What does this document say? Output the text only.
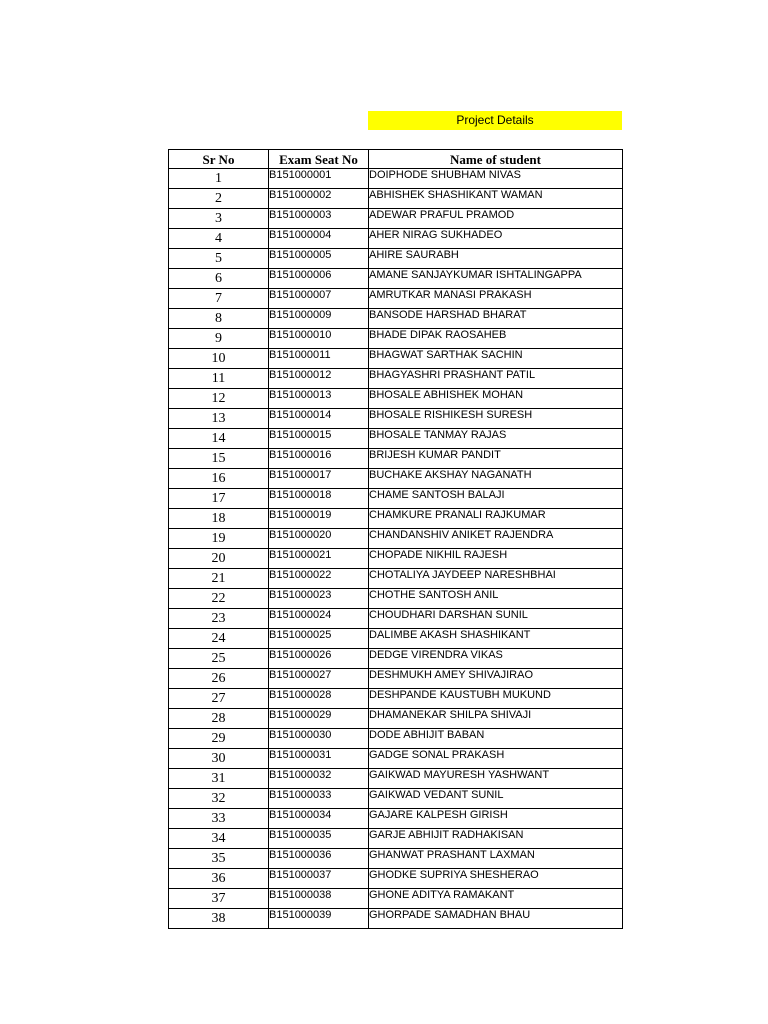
Project Details
Sr No	Exam Seat No	Name of student
1	B151000001	DOIPHODE SHUBHAM NIVAS
2	B151000002	ABHISHEK SHASHIKANT WAMAN
3	B151000003	ADEWAR PRAFUL PRAMOD
4	B151000004	AHER NIRAG SUKHADEO
5	B151000005	AHIRE SAURABH
6	B151000006	AMANE SANJAYKUMAR ISHTALINGAPPA
7	B151000007	AMRUTKAR MANASI PRAKASH
8	B151000009	BANSODE HARSHAD BHARAT
9	B151000010	BHADE DIPAK RAOSAHEB
10	B151000011	BHAGWAT SARTHAK SACHIN
11	B151000012	BHAGYASHRI PRASHANT PATIL
12	B151000013	BHOSALE ABHISHEK MOHAN
13	B151000014	BHOSALE RISHIKESH SURESH
14	B151000015	BHOSALE TANMAY RAJAS
15	B151000016	BRIJESH KUMAR PANDIT
16	B151000017	BUCHAKE AKSHAY NAGANATH
17	B151000018	CHAME SANTOSH BALAJI
18	B151000019	CHAMKURE PRANALI RAJKUMAR
19	B151000020	CHANDANSHIV ANIKET RAJENDRA
20	B151000021	CHOPADE NIKHIL RAJESH
21	B151000022	CHOTALIYA JAYDEEP NARESHBHAI
22	B151000023	CHOTHE SANTOSH ANIL
23	B151000024	CHOUDHARI DARSHAN SUNIL
24	B151000025	DALIMBE AKASH SHASHIKANT
25	B151000026	DEDGE VIRENDRA VIKAS
26	B151000027	DESHMUKH AMEY SHIVAJIRAO
27	B151000028	DESHPANDE KAUSTUBH MUKUND
28	B151000029	DHAMANEKAR SHILPA SHIVAJI
29	B151000030	DODE ABHIJIT BABAN
30	B151000031	GADGE SONAL PRAKASH
31	B151000032	GAIKWAD MAYURESH YASHWANT
32	B151000033	GAIKWAD VEDANT SUNIL
33	B151000034	GAJARE KALPESH GIRISH
34	B151000035	GARJE ABHIJIT RADHAKISAN
35	B151000036	GHANWAT PRASHANT LAXMAN
36	B151000037	GHODKE SUPRIYA SHESHERAO
37	B151000038	GHONE ADITYA RAMAKANT
38	B151000039	GHORPADE SAMADHAN BHAU
